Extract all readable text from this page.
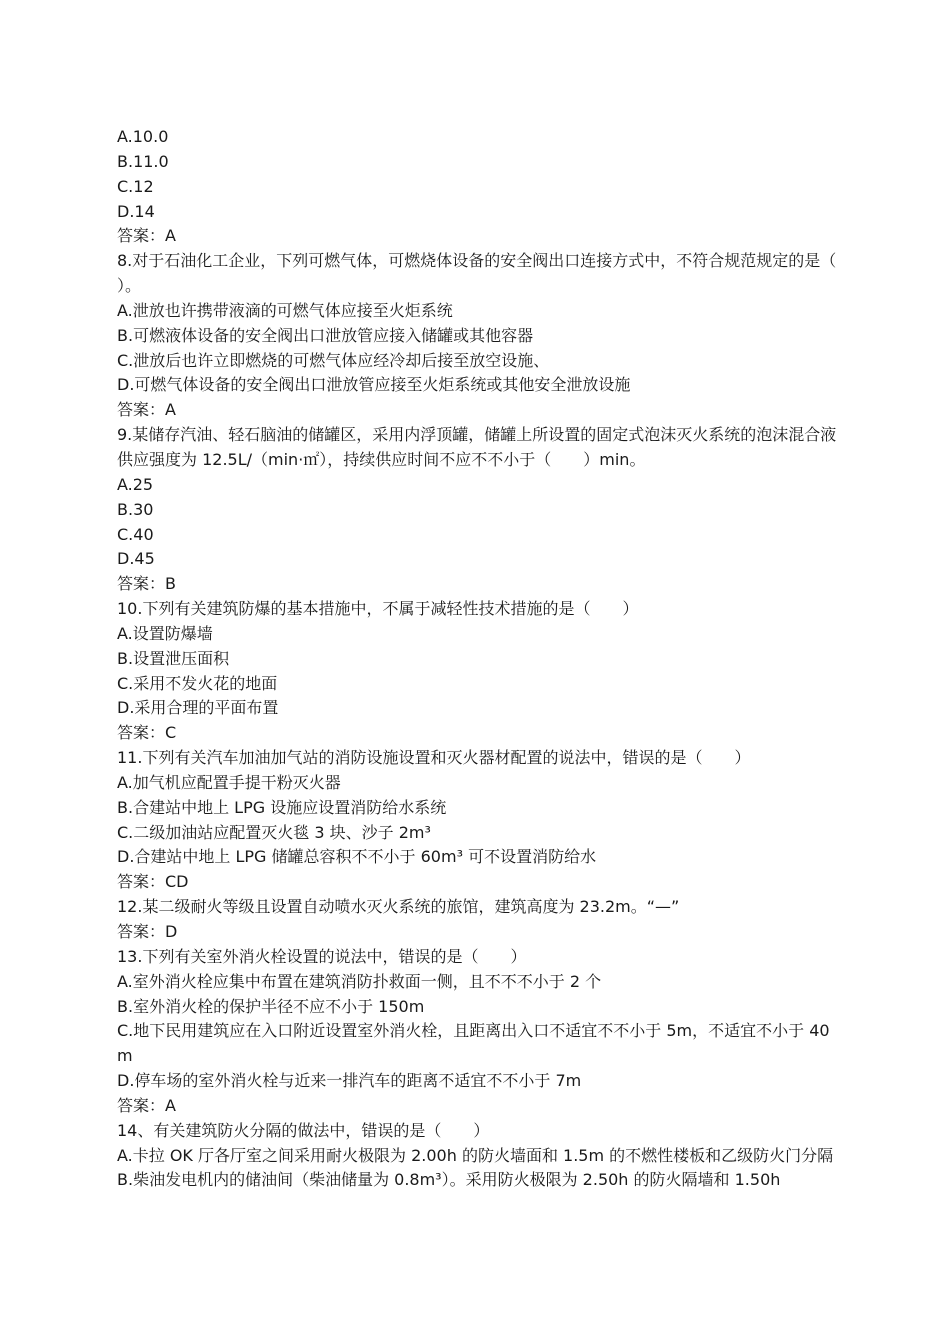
A.10.0
B.11.0
C.12
D.14
答案：A
8.对于石油化工企业，下列可燃气体，可燃烧体设备的安全阀出口连接方式中，不符合规范规定的是（　　）。
A.泄放也许携带液滴的可燃气体应接至火炬系统
B.可燃液体设备的安全阀出口泄放管应接入储罐或其他容器
C.泄放后也许立即燃烧的可燃气体应经冷却后接至放空设施、
D.可燃气体设备的安全阀出口泄放管应接至火炬系统或其他安全泄放设施
答案：A
9.某储存汽油、轻石脑油的储罐区，采用内浮顶罐，储罐上所设置的固定式泡沫灭火系统的泡沫混合液供应强度为 12.5L/（min·㎡），持续供应时间不应不不小于（　　）min。
A.25
B.30
C.40
D.45
答案：B
10.下列有关建筑防爆的基本措施中，不属于减轻性技术措施的是（　　）
A.设置防爆墙
B.设置泄压面积
C.采用不发火花的地面
D.采用合理的平面布置
答案：C
11.下列有关汽车加油加气站的消防设施设置和灭火器材配置的说法中，错误的是（　　）
A.加气机应配置手提干粉灭火器
B.合建站中地上 LPG 设施应设置消防给水系统
C.二级加油站应配置灭火毯 3 块、沙子 2m³
D.合建站中地上 LPG 储罐总容积不不小于 60m³ 可不设置消防给水
答案：CD
12.某二级耐火等级且设置自动喷水灭火系统的旅馆，建筑高度为 23.2m。“—”
答案：D
13.下列有关室外消火栓设置的说法中，错误的是（　　）
A.室外消火栓应集中布置在建筑消防扑救面一侧，且不不不小于 2 个
B.室外消火栓的保护半径不应不小于 150m
C.地下民用建筑应在入口附近设置室外消火栓，且距离出入口不适宜不不小于 5m，不适宜不小于 40m
D.停车场的室外消火栓与近来一排汽车的距离不适宜不不小于 7m
答案：A
14、有关建筑防火分隔的做法中，错误的是（　　）
A.卡拉 OK 厅各厅室之间采用耐火极限为 2.00h 的防火墙面和 1.5m 的不燃性楼板和乙级防火门分隔
B.柴油发电机内的储油间（柴油储量为 0.8m³）。采用防火极限为 2.50h 的防火隔墙和 1.50h
